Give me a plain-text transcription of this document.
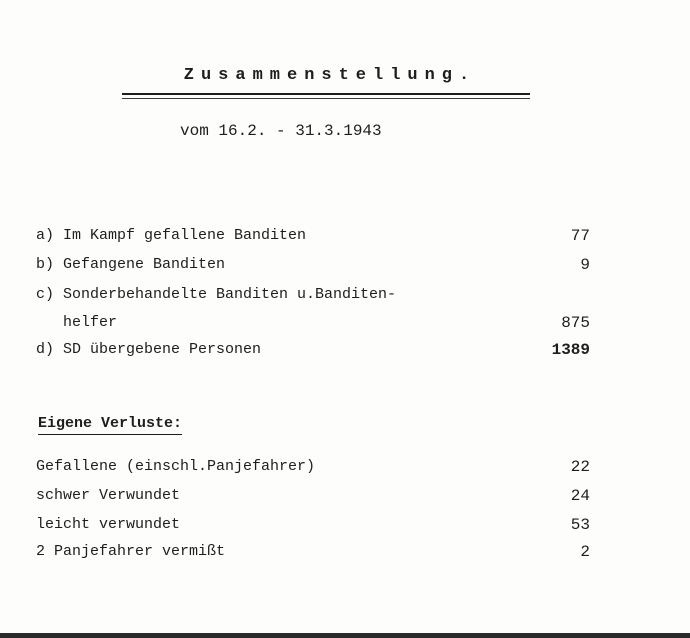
Zusammenstellung.
vom 16.2. - 31.3.1943
a) Im Kampf gefallene Banditen	77
b) Gefangene Banditen	9
c) Sonderbehandelte Banditen u.Banditen-
helfer	875
d) SD übergebene Personen	1389
Eigene Verluste:
Gefallene (einschl.Panjefahrer)	22
schwer Verwundet	24
leicht verwundet	53
2 Panjefahrer vermißt	2
